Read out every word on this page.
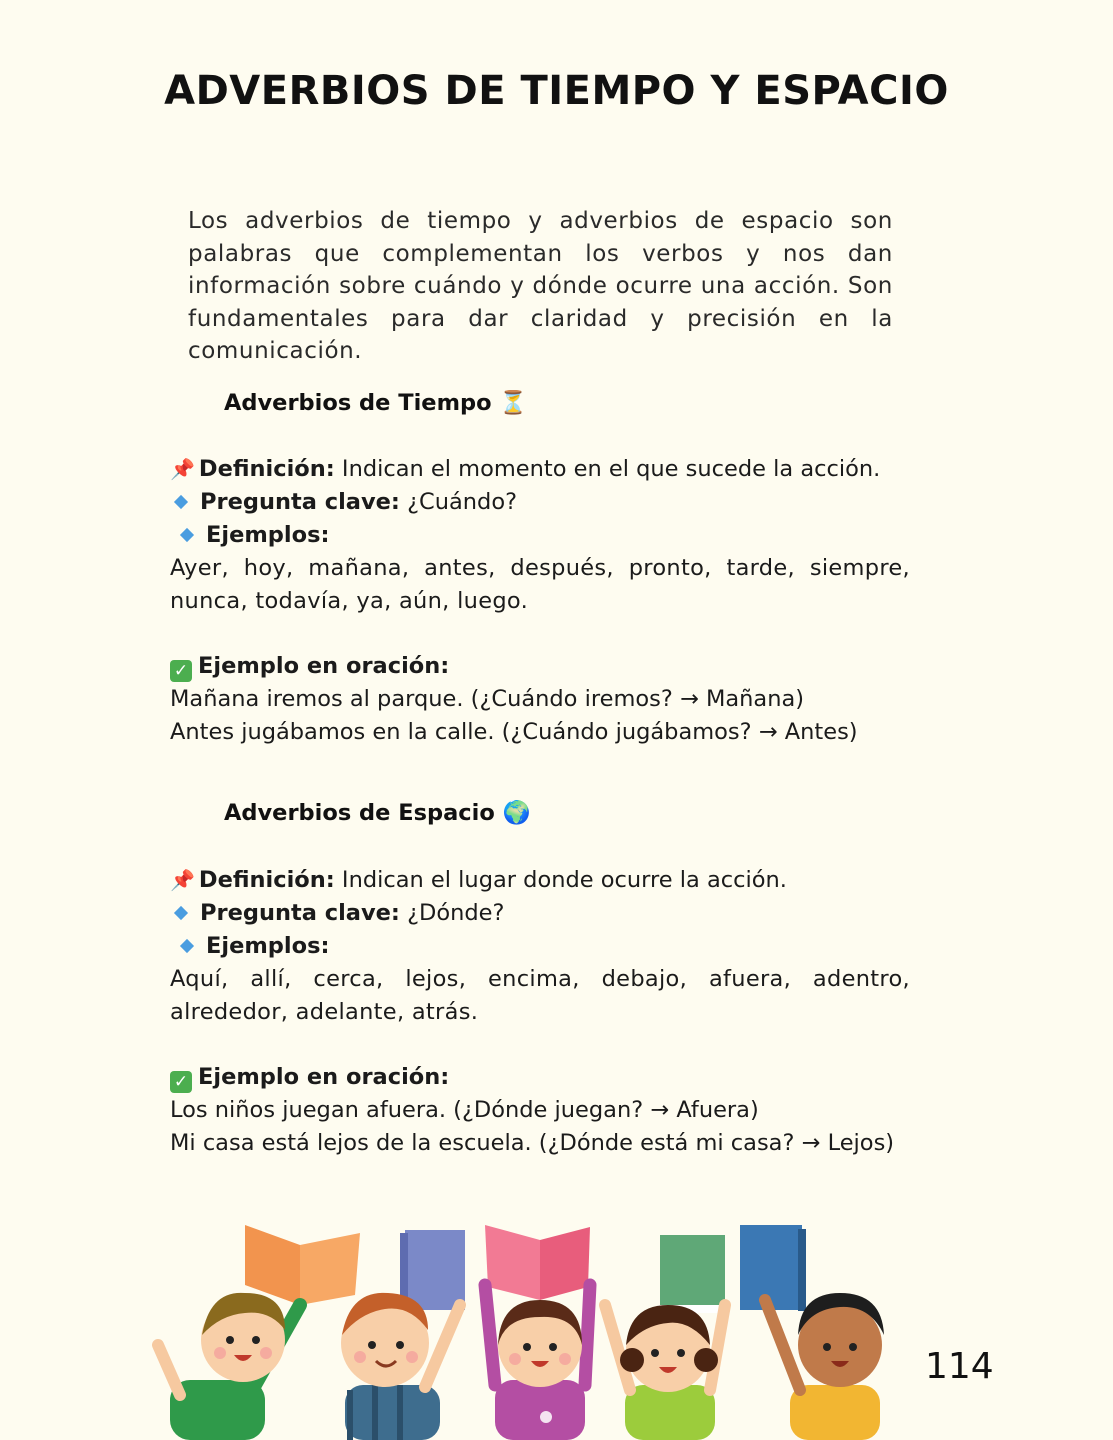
ADVERBIOS DE TIEMPO Y ESPACIO
Los adverbios de tiempo y adverbios de espacio son palabras que complementan los verbos y nos dan información sobre cuándo y dónde ocurre una acción. Son fundamentales para dar claridad y precisión en la comunicación.
Adverbios de Tiempo ⏳
📌 Definición: Indican el momento en el que sucede la acción.
Pregunta clave: ¿Cuándo?
Ejemplos:
Ayer, hoy, mañana, antes, después, pronto, tarde, siempre, nunca, todavía, ya, aún, luego.
✓ Ejemplo en oración:
Mañana iremos al parque. (¿Cuándo iremos? → Mañana)
Antes jugábamos en la calle. (¿Cuándo jugábamos? → Antes)
Adverbios de Espacio 🌍
📌 Definición: Indican el lugar donde ocurre la acción.
Pregunta clave: ¿Dónde?
Ejemplos:
Aquí, allí, cerca, lejos, encima, debajo, afuera, adentro, alrededor, adelante, atrás.
✓ Ejemplo en oración:
Los niños juegan afuera. (¿Dónde juegan? → Afuera)
Mi casa está lejos de la escuela. (¿Dónde está mi casa? → Lejos)
114
